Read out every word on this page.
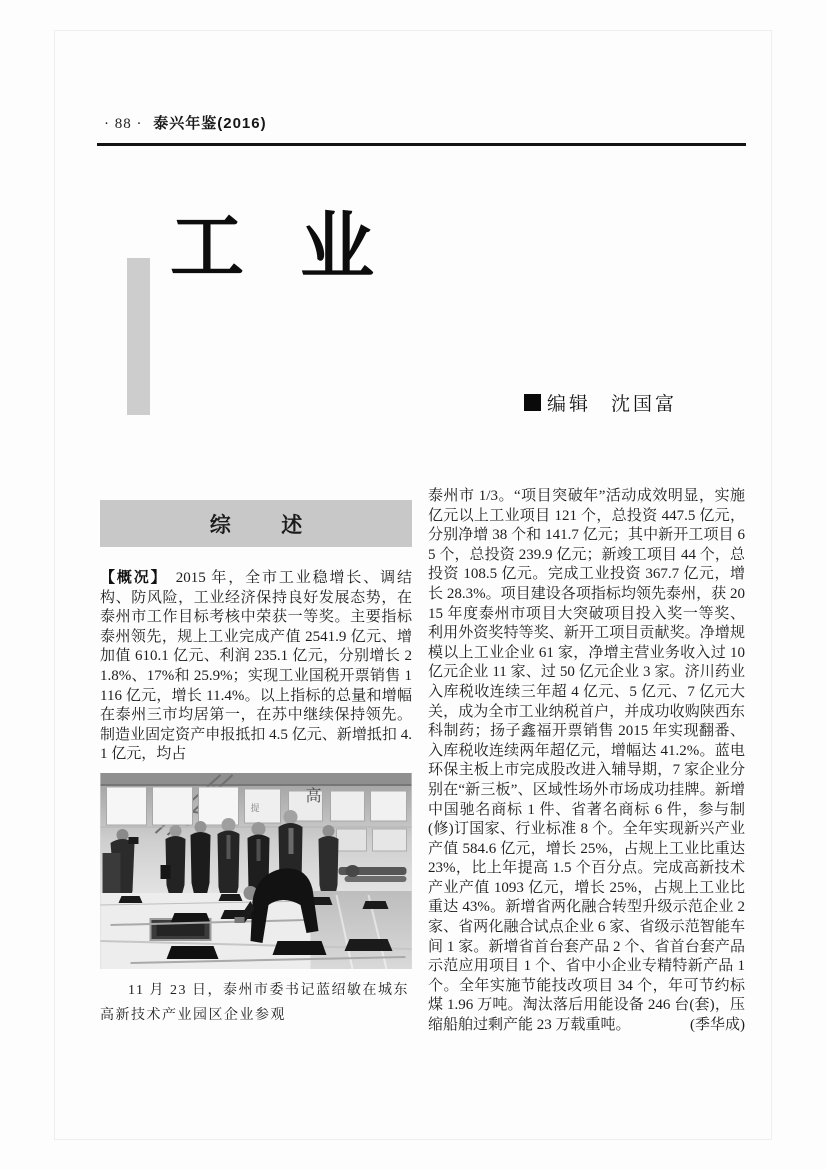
· 88 · 泰兴年鉴(2016)
工 业
编辑 沈国富
综 述

【概况】 2015 年，全市工业稳增长、调结构、防风险，工业经济保持良好发展态势，在泰州市工作目标考核中荣获一等奖。主要指标泰州领先，规上工业完成产值 2541.9 亿元、增加值 610.1 亿元、利润 235.1 亿元，分别增长 21.8%、17%和 25.9%；实现工业国税开票销售 1116 亿元，增长 11.4%。以上指标的总量和增幅在泰州三市均居第一，在苏中继续保持领先。制造业固定资产申报抵扣 4.5 亿元、新增抵扣 4.1 亿元，均占

高
提

11 月 23 日，泰州市委书记蓝绍敏在城东高新技术产业园区企业参观

泰州市 1/3。“项目突破年”活动成效明显，实施亿元以上工业项目 121 个，总投资 447.5 亿元，分别净增 38 个和 141.7 亿元；其中新开工项目 65 个，总投资 239.9 亿元；新竣工项目 44 个，总投资 108.5 亿元。完成工业投资 367.7 亿元，增长 28.3%。项目建设各项指标均领先泰州，获 2015 年度泰州市项目大突破项目投入奖一等奖、利用外资奖特等奖、新开工项目贡献奖。净增规模以上工业企业 61 家，净增主营业务收入过 10 亿元企业 11 家、过 50 亿元企业 3 家。济川药业入库税收连续三年超 4 亿元、5 亿元、7 亿元大关，成为全市工业纳税首户，并成功收购陕西东科制药；扬子鑫福开票销售 2015 年实现翻番、入库税收连续两年超亿元，增幅达 41.2%。蓝电环保主板上市完成股改进入辅导期，7 家企业分别在“新三板”、区域性场外市场成功挂牌。新增中国驰名商标 1 件、省著名商标 6 件，参与制(修)订国家、行业标准 8 个。全年实现新兴产业产值 584.6 亿元，增长 25%，占规上工业比重达 23%，比上年提高 1.5 个百分点。完成高新技术产业产值 1093 亿元，增长 25%，占规上工业比重达 43%。新增省两化融合转型升级示范企业 2 家、省两化融合试点企业 6 家、省级示范智能车间 1 家。新增省首台套产品 2 个、省首台套产品示范应用项目 1 个、省中小企业专精特新产品 1 个。全年实施节能技改项目 34 个，年可节约标煤 1.96 万吨。淘汰落后用能设备 246 台(套)，压缩船舶过剩产能 23 万载重吨。	(季华成)
